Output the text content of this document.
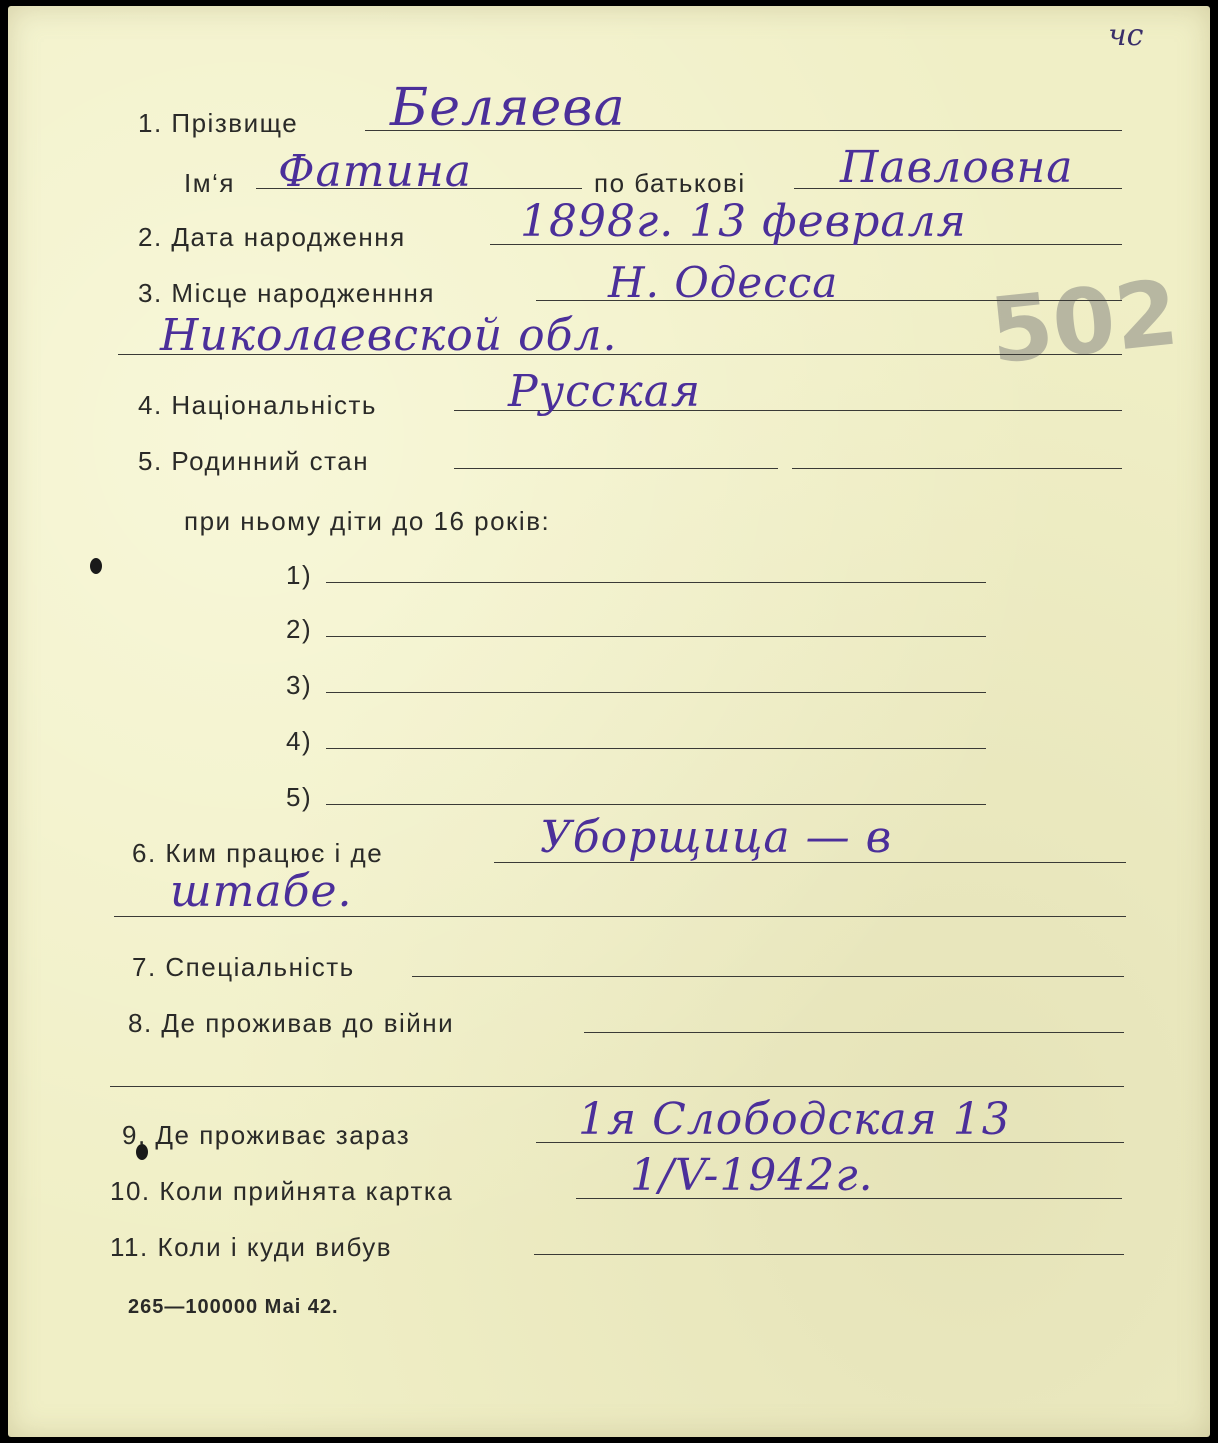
чс
502
1. Прізвище Беляева
Ім‘я Фатина	по батькові Павловна
2. Дата народження	1898г. 13 февраля
3. Місце народженння	Н. Одесса
Николаевской обл.
4. Національність	Русская
5. Родинний стан
при ньому діти до 16 років:
1)
2)
3)
4)
5)
6. Ким працює і де	Уборщица — в
штабе.
7. Спеціальність
8. Де проживав до війни
9. Де проживає зараз	1я Слободская 13
10. Коли прийнята картка	1/V-1942г.
11. Коли і куди вибув
265—100000 Маі 42.
